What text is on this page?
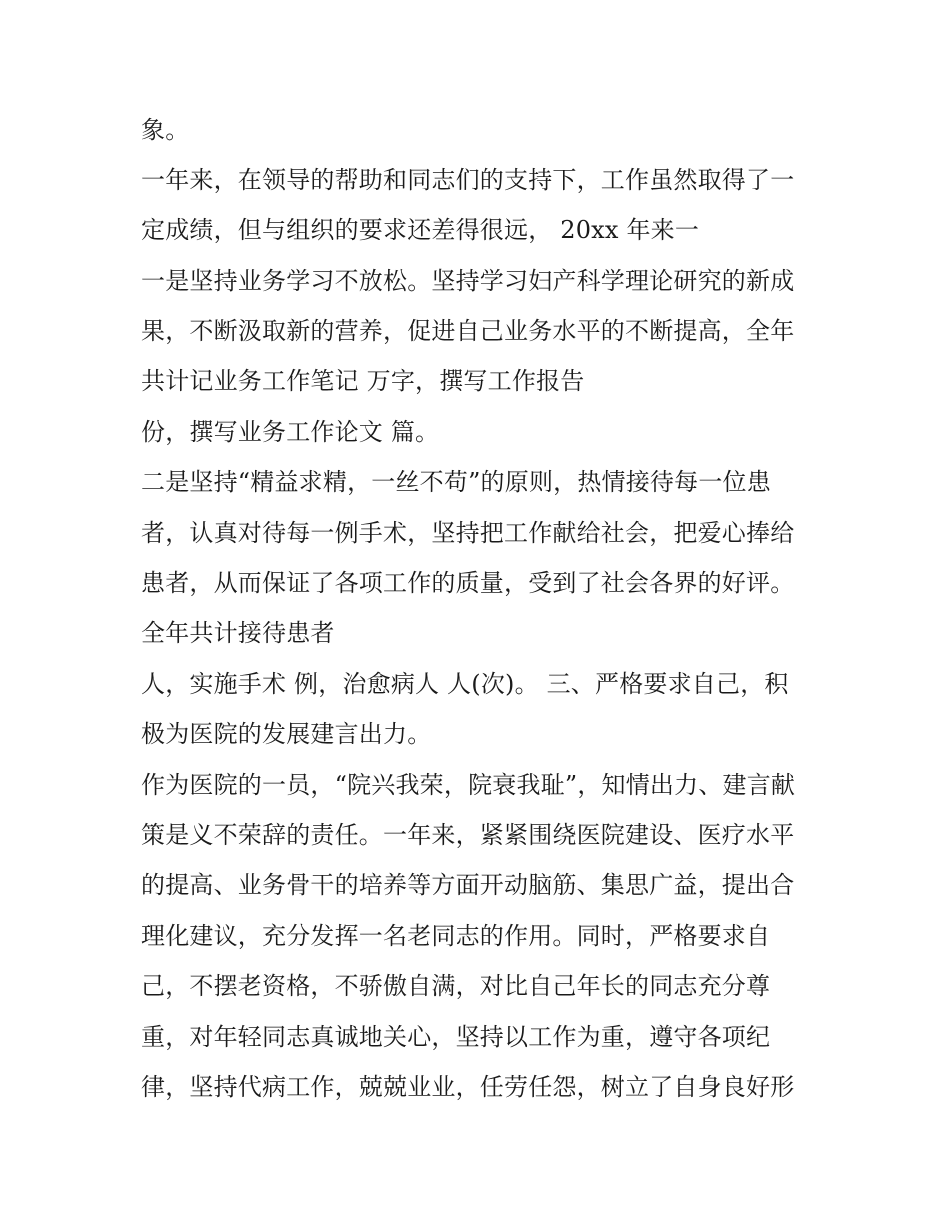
象。
一年来，在领导的帮助和同志们的支持下，工作虽然取得了一
定成绩，但与组织的要求还差得很远， 20xx 年来一
一是坚持业务学习不放松。坚持学习妇产科学理论研究的新成
果，不断汲取新的营养，促进自己业务水平的不断提高，全年
共计记业务工作笔记 万字，撰写工作报告
份，撰写业务工作论文 篇。
二是坚持“精益求精，一丝不苟”的原则，热情接待每一位患
者，认真对待每一例手术，坚持把工作献给社会，把爱心捧给
患者，从而保证了各项工作的质量，受到了社会各界的好评。
全年共计接待患者
人，实施手术 例，治愈病人 人(次)。 三、严格要求自己，积
极为医院的发展建言出力。
作为医院的一员，“院兴我荣，院衰我耻”，知情出力、建言献
策是义不荣辞的责任。一年来，紧紧围绕医院建设、医疗水平
的提高、业务骨干的培养等方面开动脑筋、集思广益，提出合
理化建议，充分发挥一名老同志的作用。同时，严格要求自
己，不摆老资格，不骄傲自满，对比自己年长的同志充分尊
重，对年轻同志真诚地关心，坚持以工作为重，遵守各项纪
律，坚持代病工作，兢兢业业，任劳任怨，树立了自身良好形
